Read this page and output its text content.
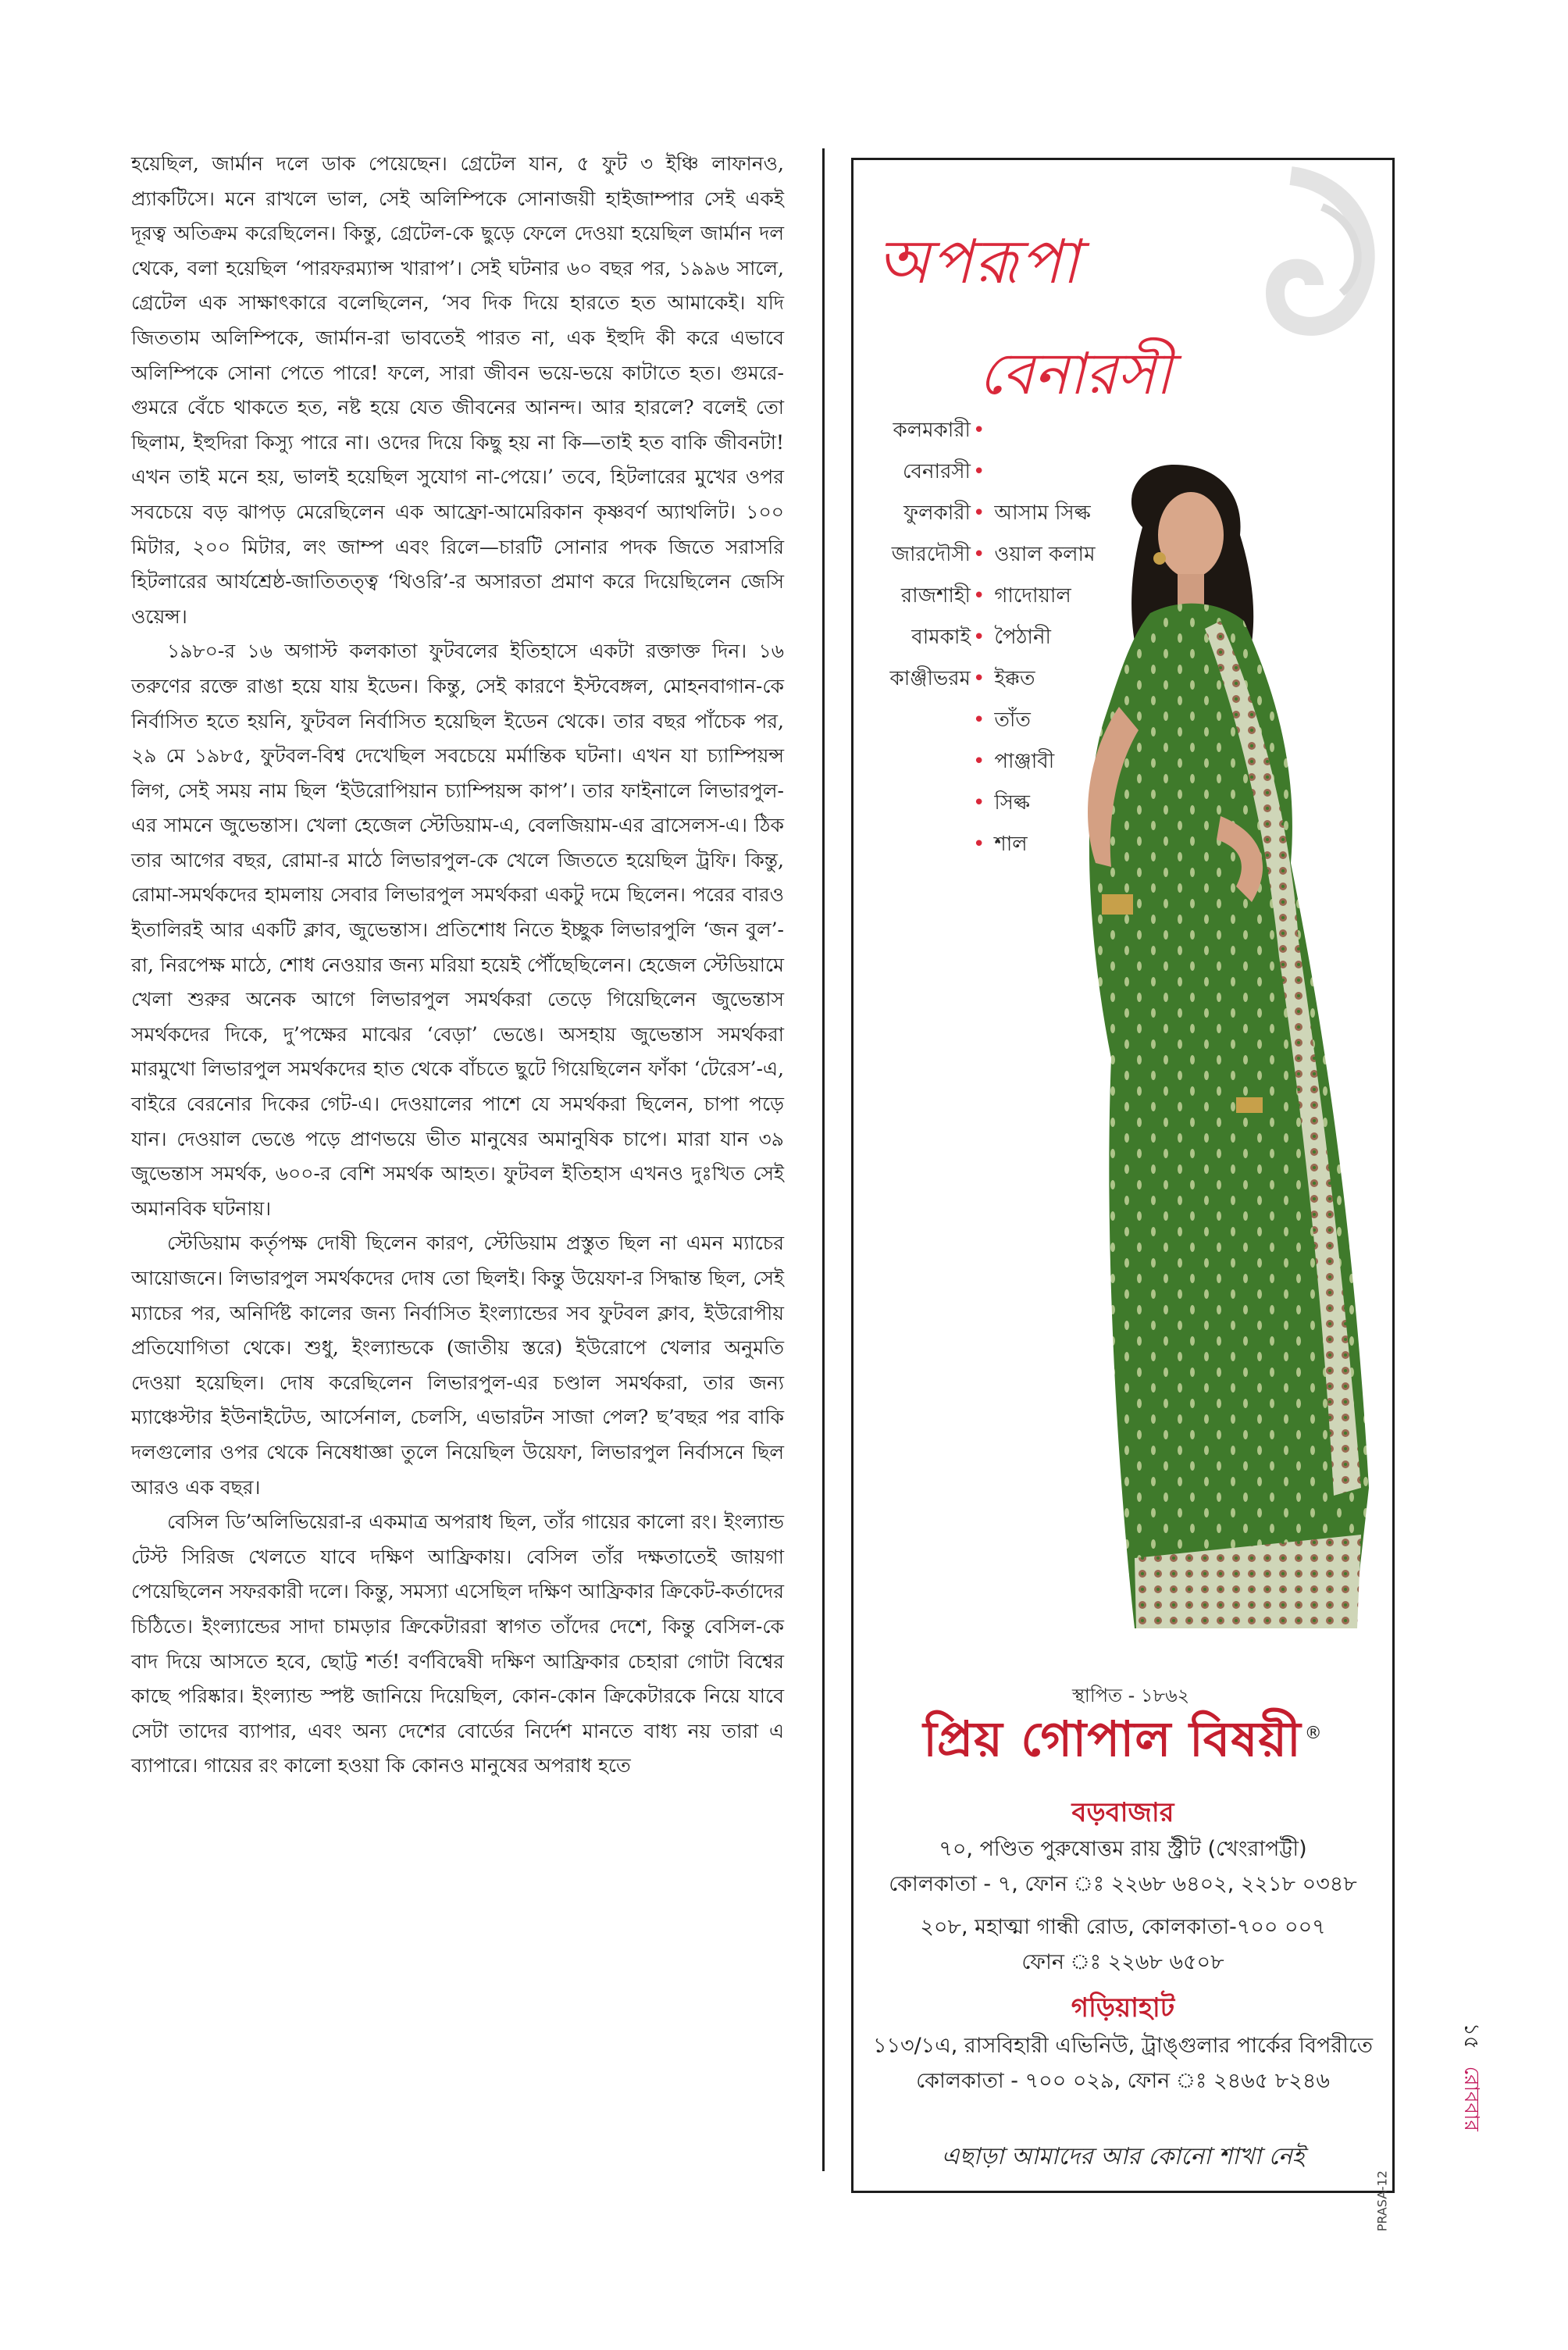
হয়েছিল, জার্মান দলে ডাক পেয়েছেন। গ্রেটেল যান, ৫ ফুট ৩ ইঞ্চি লাফানও, প্র্যাকটিসে। মনে রাখলে ভাল, সেই অলিম্পিকে সোনাজয়ী হাইজাম্পার সেই একই দূরত্ব অতিক্রম করেছিলেন। কিন্তু, গ্রেটেল-কে ছুড়ে ফেলে দেওয়া হয়েছিল জার্মান দল থেকে, বলা হয়েছিল ‘পারফরম্যান্স খারাপ’। সেই ঘটনার ৬০ বছর পর, ১৯৯৬ সালে, গ্রেটেল এক সাক্ষাৎকারে বলেছিলেন, ‘সব দিক দিয়ে হারতে হত আমাকেই। যদি জিততাম অলিম্পিকে, জার্মান-রা ভাবতেই পারত না, এক ইহুদি কী করে এভাবে অলিম্পিকে সোনা পেতে পারে! ফলে, সারা জীবন ভয়ে-ভয়ে কাটাতে হত। গুমরে-গুমরে বেঁচে থাকতে হত, নষ্ট হয়ে যেত জীবনের আনন্দ। আর হারলে? বলেই তো ছিলাম, ইহুদিরা কিস্যু পারে না। ওদের দিয়ে কিছু হয় না কি—তাই হত বাকি জীবনটা! এখন তাই মনে হয়, ভালই হয়েছিল সুযোগ না-পেয়ে।’ তবে, হিটলারের মুখের ওপর সবচেয়ে বড় ঝাপড় মেরেছিলেন এক আফ্রো-আমেরিকান কৃষ্ণবর্ণ অ্যাথলিট। ১০০ মিটার, ২০০ মিটার, লং জাম্প এবং রিলে—চারটি সোনার পদক জিতে সরাসরি হিটলারের আর্যশ্রেষ্ঠ-জাতিতত্ত্ব ‘থিওরি’-র অসারতা প্রমাণ করে দিয়েছিলেন জেসি ওয়েন্স।

১৯৮০-র ১৬ অগাস্ট কলকাতা ফুটবলের ইতিহাসে একটা রক্তাক্ত দিন। ১৬ তরুণের রক্তে রাঙা হয়ে যায় ইডেন। কিন্তু, সেই কারণে ইস্টবেঙ্গল, মোহনবাগান-কে নির্বাসিত হতে হয়নি, ফুটবল নির্বাসিত হয়েছিল ইডেন থেকে। তার বছর পাঁচেক পর, ২৯ মে ১৯৮৫, ফুটবল-বিশ্ব দেখেছিল সবচেয়ে মর্মান্তিক ঘটনা। এখন যা চ্যাম্পিয়ন্স লিগ, সেই সময় নাম ছিল ‘ইউরোপিয়ান চ্যাম্পিয়ন্স কাপ’। তার ফাইনালে লিভারপুল-এর সামনে জুভেন্তাস। খেলা হেজেল স্টেডিয়াম-এ, বেলজিয়াম-এর ব্রাসেলস-এ। ঠিক তার আগের বছর, রোমা-র মাঠে লিভারপুল-কে খেলে জিততে হয়েছিল ট্রফি। কিন্তু, রোমা-সমর্থকদের হামলায় সেবার লিভারপুল সমর্থকরা একটু দমে ছিলেন। পরের বারও ইতালিরই আর একটি ক্লাব, জুভেন্তাস। প্রতিশোধ নিতে ইচ্ছুক লিভারপুলি ‘জন বুল’-রা, নিরপেক্ষ মাঠে, শোধ নেওয়ার জন্য মরিয়া হয়েই পৌঁছেছিলেন। হেজেল স্টেডিয়ামে খেলা শুরুর অনেক আগে লিভারপুল সমর্থকরা তেড়ে গিয়েছিলেন জুভেন্তাস সমর্থকদের দিকে, দু’পক্ষের মাঝের ‘বেড়া’ ভেঙে। অসহায় জুভেন্তাস সমর্থকরা মারমুখো লিভারপুল সমর্থকদের হাত থেকে বাঁচতে ছুটে গিয়েছিলেন ফাঁকা ‘টেরেস’-এ, বাইরে বেরনোর দিকের গেট-এ। দেওয়ালের পাশে যে সমর্থকরা ছিলেন, চাপা পড়ে যান। দেওয়াল ভেঙে পড়ে প্রাণভয়ে ভীত মানুষের অমানুষিক চাপে। মারা যান ৩৯ জুভেন্তাস সমর্থক, ৬০০-র বেশি সমর্থক আহত। ফুটবল ইতিহাস এখনও দুঃখিত সেই অমানবিক ঘটনায়।

স্টেডিয়াম কর্তৃপক্ষ দোষী ছিলেন কারণ, স্টেডিয়াম প্রস্তুত ছিল না এমন ম্যাচের আয়োজনে। লিভারপুল সমর্থকদের দোষ তো ছিলই। কিন্তু উয়েফা-র সিদ্ধান্ত ছিল, সেই ম্যাচের পর, অনির্দিষ্ট কালের জন্য নির্বাসিত ইংল্যান্ডের সব ফুটবল ক্লাব, ইউরোপীয় প্রতিযোগিতা থেকে। শুধু, ইংল্যান্ডকে (জাতীয় স্তরে) ইউরোপে খেলার অনুমতি দেওয়া হয়েছিল। দোষ করেছিলেন লিভারপুল-এর চণ্ডাল সমর্থকরা, তার জন্য ম্যাঞ্চেস্টার ইউনাইটেড, আর্সেনাল, চেলসি, এভারটন সাজা পেল? ছ’বছর পর বাকি দলগুলোর ওপর থেকে নিষেধাজ্ঞা তুলে নিয়েছিল উয়েফা, লিভারপুল নির্বাসনে ছিল আরও এক বছর।

বেসিল ডি’অলিভিয়েরা-র একমাত্র অপরাধ ছিল, তাঁর গায়ের কালো রং। ইংল্যান্ড টেস্ট সিরিজ খেলতে যাবে দক্ষিণ আফ্রিকায়। বেসিল তাঁর দক্ষতাতেই জায়গা পেয়েছিলেন সফরকারী দলে। কিন্তু, সমস্যা এসেছিল দক্ষিণ আফ্রিকার ক্রিকেট-কর্তাদের চিঠিতে। ইংল্যান্ডের সাদা চামড়ার ক্রিকেটাররা স্বাগত তাঁদের দেশে, কিন্তু বেসিল-কে বাদ দিয়ে আসতে হবে, ছোট্ট শর্ত! বর্ণবিদ্বেষী দক্ষিণ আফ্রিকার চেহারা গোটা বিশ্বের কাছে পরিষ্কার। ইংল্যান্ড স্পষ্ট জানিয়ে দিয়েছিল, কোন-কোন ক্রিকেটারকে নিয়ে যাবে সেটা তাদের ব্যাপার, এবং অন্য দেশের বোর্ডের নির্দেশ মানতে বাধ্য নয় তারা এ ব্যাপারে। গায়ের রং কালো হওয়া কি কোনও মানুষের অপরাধ হতে

অপরূপা
বেনারসী
কলমকারী
বেনারসী
ফুলকারী
জারদৌসী
রাজশাহী
বামকাই
কাঞ্জীভরম
•
•
• আসাম সিল্ক
• ওয়াল কলাম
• গাদোয়াল
• পৈঠানী
• ইক্কত
• তাঁত
• পাঞ্জাবী
• সিল্ক
• শাল
স্থাপিত - ১৮৬২
প্রিয় গোপাল বিষয়ী ®
বড়বাজার
৭০, পণ্ডিত পুরুষোত্তম রায় স্ট্রীট (খেংরাপট্টী)
কোলকাতা - ৭, ফোন ঃ ২২৬৮ ৬৪০২, ২২১৮ ০৩৪৮
২০৮, মহাত্মা গান্ধী রোড, কোলকাতা-৭০০ ০০৭
ফোন ঃ ২২৬৮ ৬৫০৮
গড়িয়াহাট
১১৩/১এ, রাসবিহারী এভিনিউ, ট্রাঙ্গুলার পার্কের বিপরীতে
কোলকাতা - ৭০০ ০২৯, ফোন ঃ ২৪৬৫ ৮২৪৬
এছাড়া আমাদের আর কোনো শাখা নেই
PRASA-12
১৫রোববার
